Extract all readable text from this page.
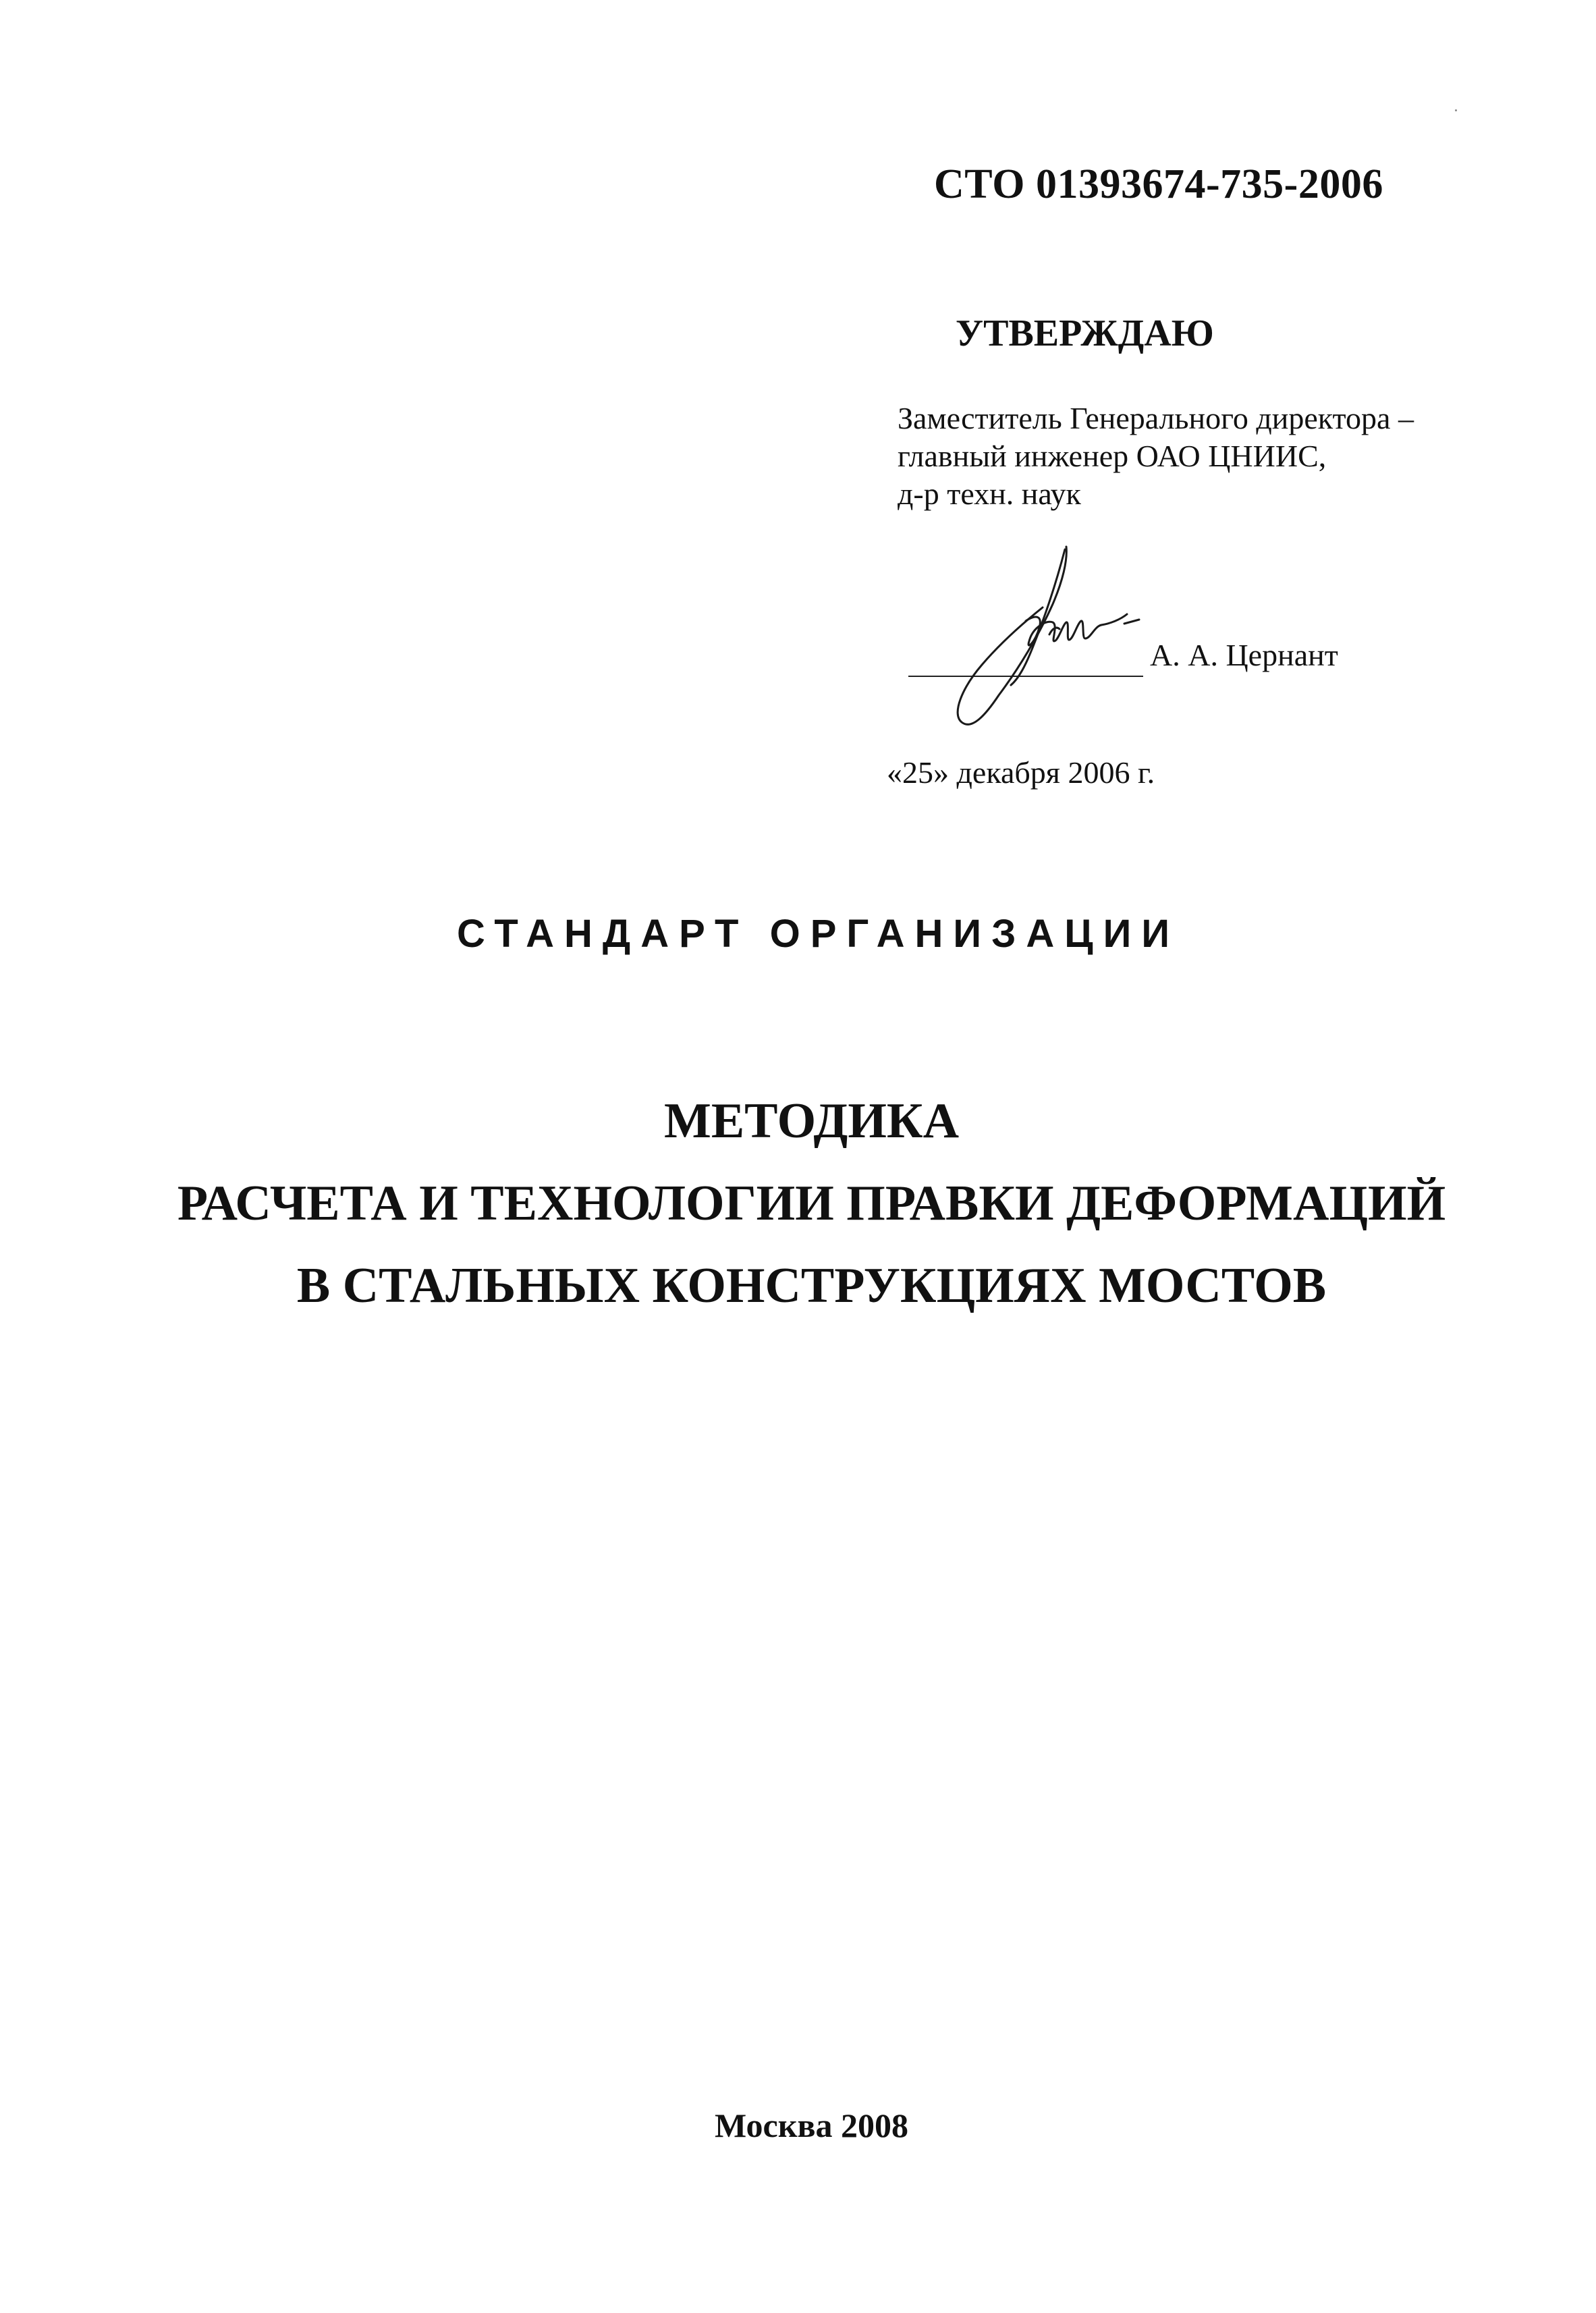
СТО 01393674-735-2006
УТВЕРЖДАЮ
Заместитель Генерального директора –
главный инженер ОАО ЦНИИС,
д-р техн. наук
А. А. Цернант
«25» декабря 2006 г.
СТАНДАРТ ОРГАНИЗАЦИИ
МЕТОДИКА
РАСЧЕТА И ТЕХНОЛОГИИ ПРАВКИ ДЕФОРМАЦИЙ
В СТАЛЬНЫХ КОНСТРУКЦИЯХ МОСТОВ
Москва 2008
